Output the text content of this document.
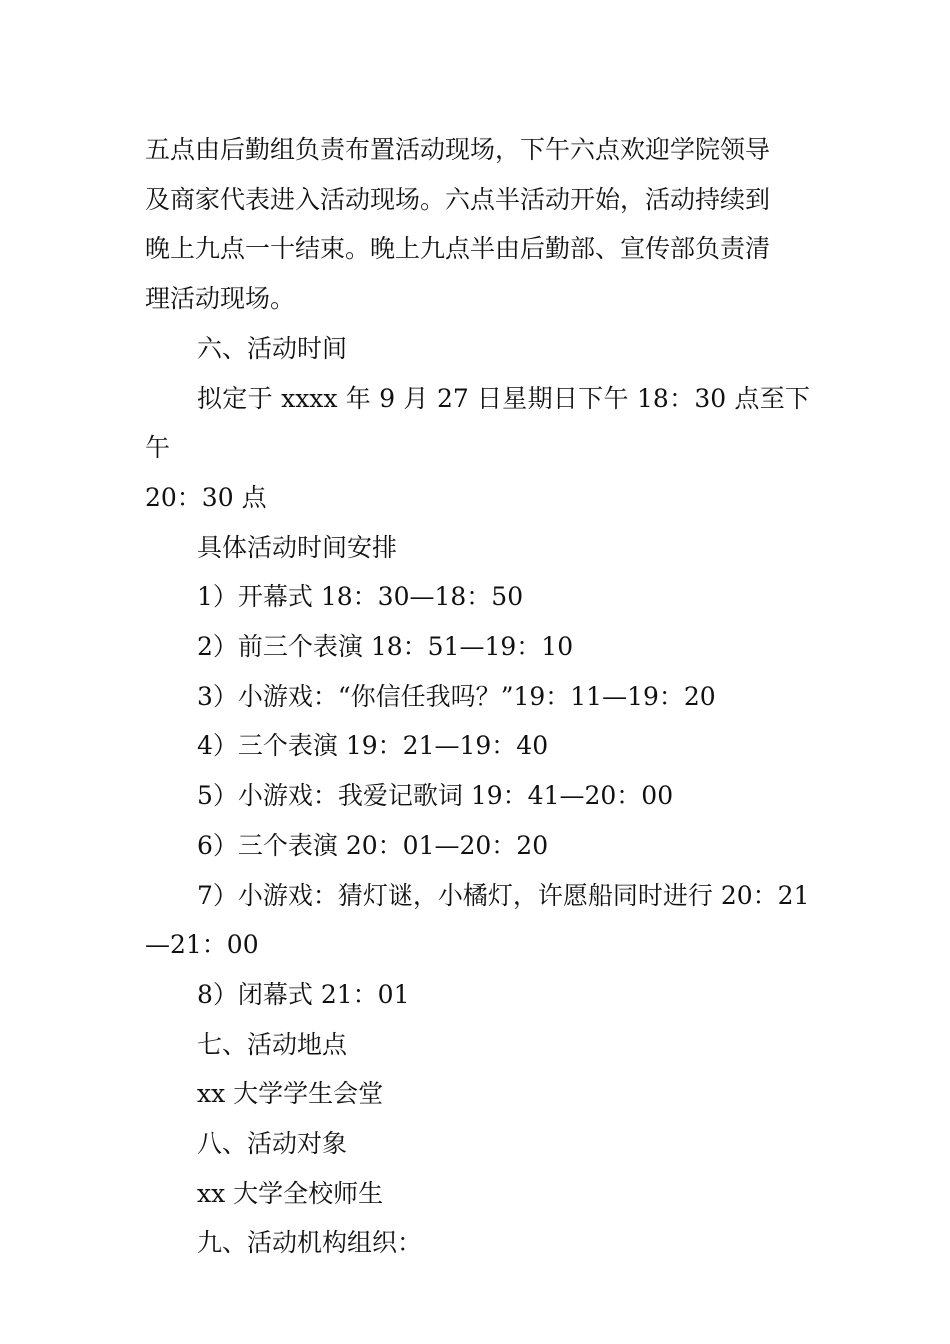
五点由后勤组负责布置活动现场，下午六点欢迎学院领导
及商家代表进入活动现场。六点半活动开始，活动持续到
晚上九点一十结束。晚上九点半由后勤部、宣传部负责清
理活动现场。

六、活动时间

拟定于 xxxx 年 9 月 27 日星期日下午 18：30 点至下午
20：30 点

具体活动时间安排

1）开幕式 18：30—18：50

2）前三个表演 18：51—19：10

3）小游戏：“你信任我吗？”19：11—19：20

4）三个表演 19：21—19：40

5）小游戏：我爱记歌词 19：41—20：00

6）三个表演 20：01—20：20

7）小游戏：猜灯谜，小橘灯，许愿船同时进行 20：21
—21：00

8）闭幕式 21：01

七、活动地点

xx 大学学生会堂

八、活动对象

xx 大学全校师生

九、活动机构组织：
